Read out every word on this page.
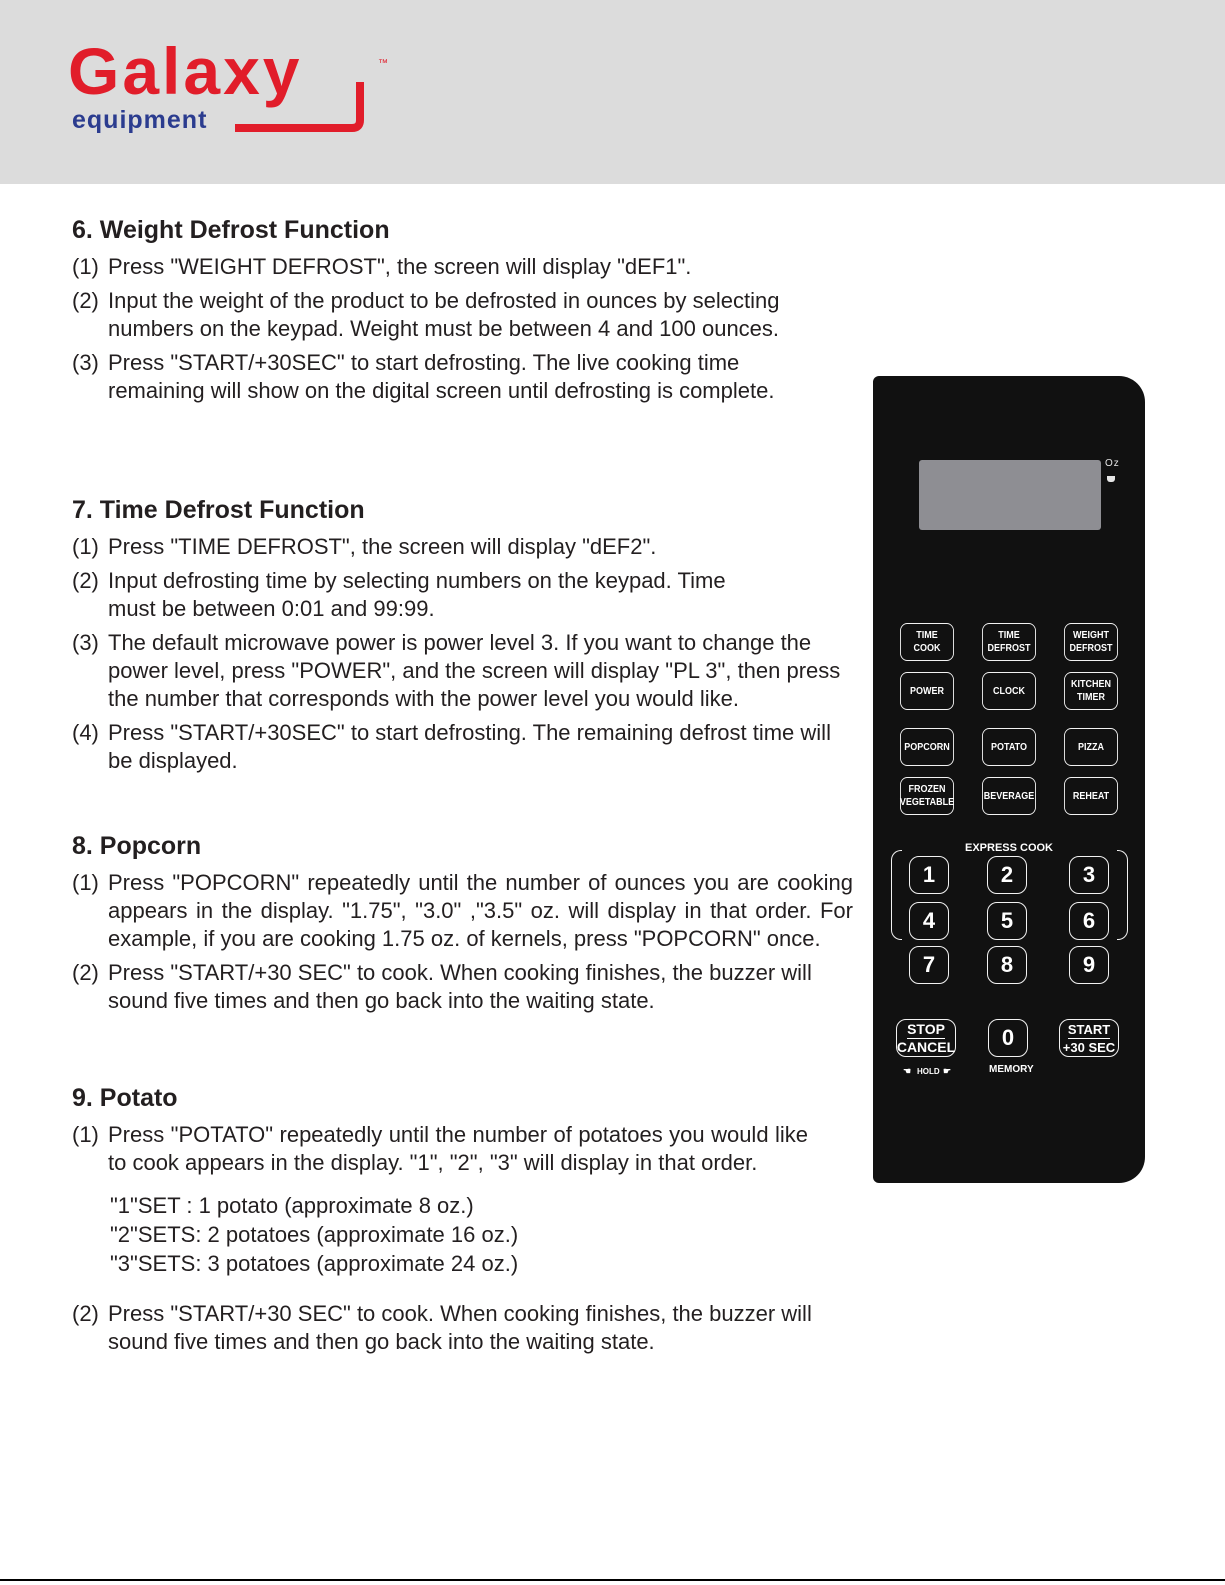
Galaxy	™
equipment
6. Weight Defrost Function
(1) Press "WEIGHT DEFROST", the screen will display "dEF1".
(2) Input the weight of the product to be defrosted in ounces by selecting numbers on the keypad. Weight must be between 4 and 100 ounces.
(3) Press "START/+30SEC" to start defrosting. The live cooking time remaining will show on the digital screen until defrosting is complete.
7. Time Defrost Function
(1) Press "TIME DEFROST", the screen will display "dEF2".
(2) Input defrosting time by selecting numbers on the keypad. Time must be between 0:01 and 99:99.
(3) The default microwave power is power level 3. If you want to change the power level, press "POWER", and the screen will display "PL 3", then press the number that corresponds with the power level you would like.
(4) Press "START/+30SEC" to start defrosting. The remaining defrost time will be displayed.
8. Popcorn
(1) Press "POPCORN" repeatedly until the number of ounces you are cooking appears in the display. "1.75", "3.0" ,"3.5" oz. will display in that order. For example, if you are cooking 1.75 oz. of kernels, press "POPCORN" once.
(2) Press "START/+30 SEC" to cook. When cooking finishes, the buzzer will sound five times and then go back into the waiting state.
9. Potato
(1) Press "POTATO" repeatedly until the number of potatoes you would like to cook appears in the display. "1", "2", "3" will display in that order.
"1"SET : 1 potato (approximate 8 oz.)
"2"SETS: 2 potatoes (approximate 16 oz.)
"3"SETS: 3 potatoes (approximate 24 oz.)
(2) Press "START/+30 SEC" to cook. When cooking finishes, the buzzer will sound five times and then go back into the waiting state.
Oz
TIME
COOK
TIME
DEFROST
WEIGHT
DEFROST
POWER	CLOCK
KITCHEN
TIMER
POPCORN	POTATO	PIZZA
FROZEN
VEGETABLE
BEVERAGE	REHEAT
EXPRESS COOK
1	2	3
4	5	6
7	8	9
STOP
CANCEL	0	START
+30 SEC
☚ HOLD ☛	MEMORY
